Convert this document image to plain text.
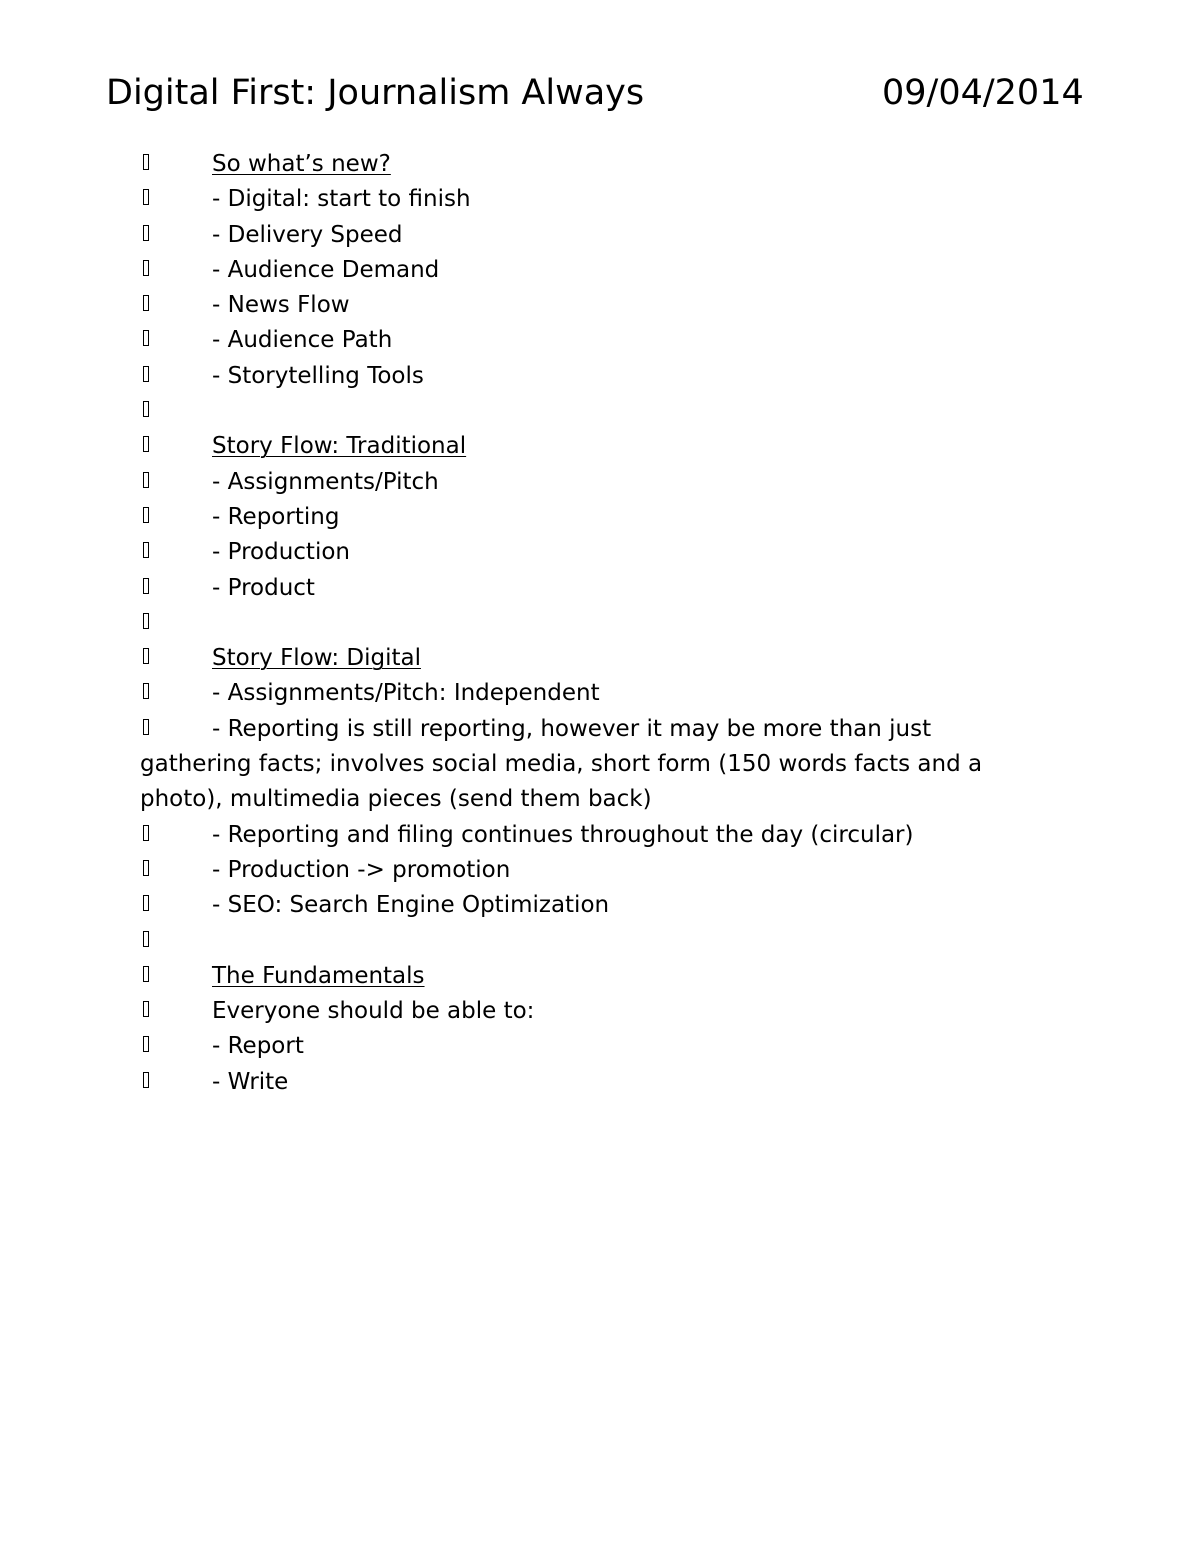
Digital First: Journalism Always	09/04/2014
So what’s new?
- Digital: start to finish
- Delivery Speed
- Audience Demand
- News Flow
- Audience Path
- Storytelling Tools
Story Flow: Traditional
- Assignments/Pitch
- Reporting
- Production
- Product
Story Flow: Digital
- Assignments/Pitch: Independent
- Reporting is still reporting, however it may be more than just gathering facts; involves social media, short form (150 words facts and a photo), multimedia pieces (send them back)
- Reporting and filing continues throughout the day (circular)
- Production -> promotion
- SEO: Search Engine Optimization
The Fundamentals
Everyone should be able to:
- Report
- Write
